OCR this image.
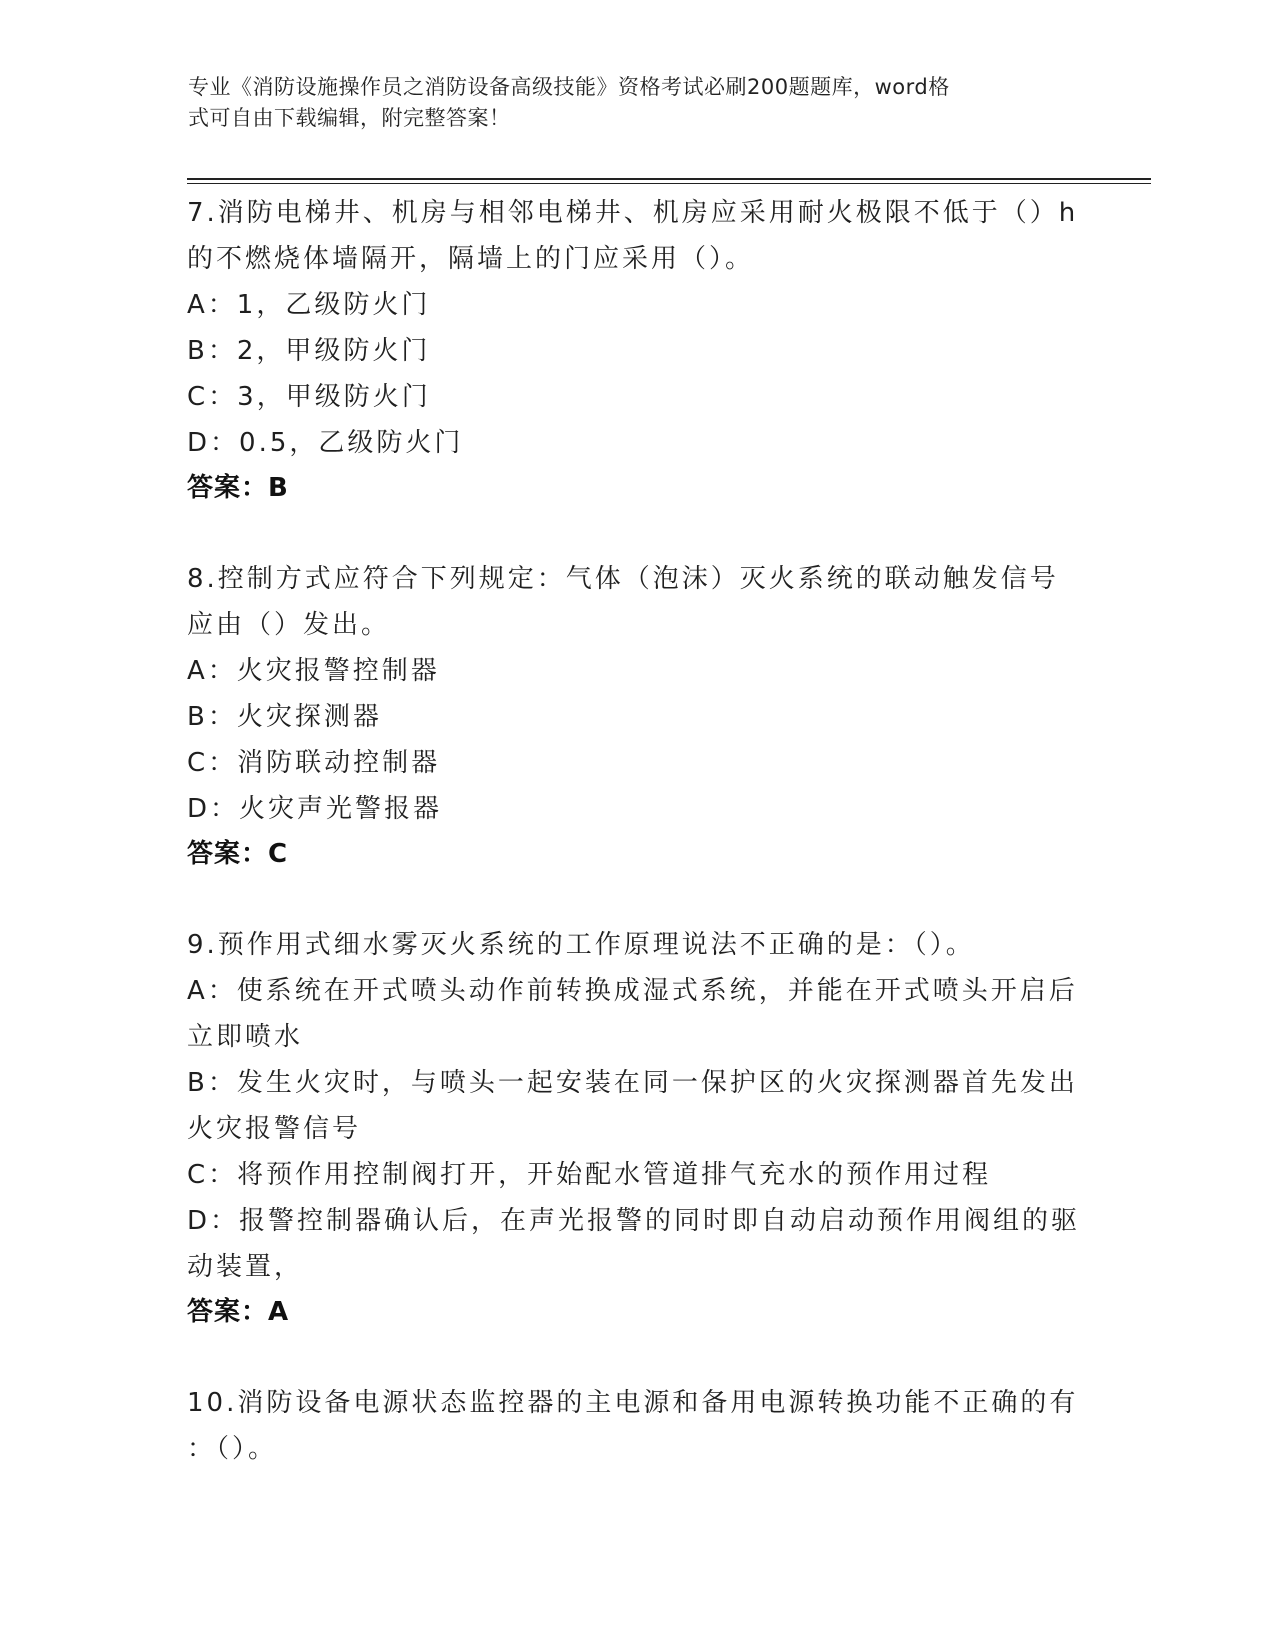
专业《消防设施操作员之消防设备高级技能》资格考试必刷200题题库，word格
式可自由下载编辑，附完整答案！
7.消防电梯井、机房与相邻电梯井、机房应采用耐火极限不低于（）h
的不燃烧体墙隔开，隔墙上的门应采用（）。
A：1，乙级防火门
B：2，甲级防火门
C：3，甲级防火门
D：0.5，乙级防火门
答案：B
8.控制方式应符合下列规定：气体（泡沫）灭火系统的联动触发信号
应由（）发出。
A：火灾报警控制器
B：火灾探测器
C：消防联动控制器
D：火灾声光警报器
答案：C
9.预作用式细水雾灭火系统的工作原理说法不正确的是：（）。
A：使系统在开式喷头动作前转换成湿式系统，并能在开式喷头开启后
立即喷水
B：发生火灾时，与喷头一起安装在同一保护区的火灾探测器首先发出
火灾报警信号
C：将预作用控制阀打开，开始配水管道排气充水的预作用过程
D：报警控制器确认后，在声光报警的同时即自动启动预作用阀组的驱
动装置，
答案：A
10.消防设备电源状态监控器的主电源和备用电源转换功能不正确的有
：（）。
